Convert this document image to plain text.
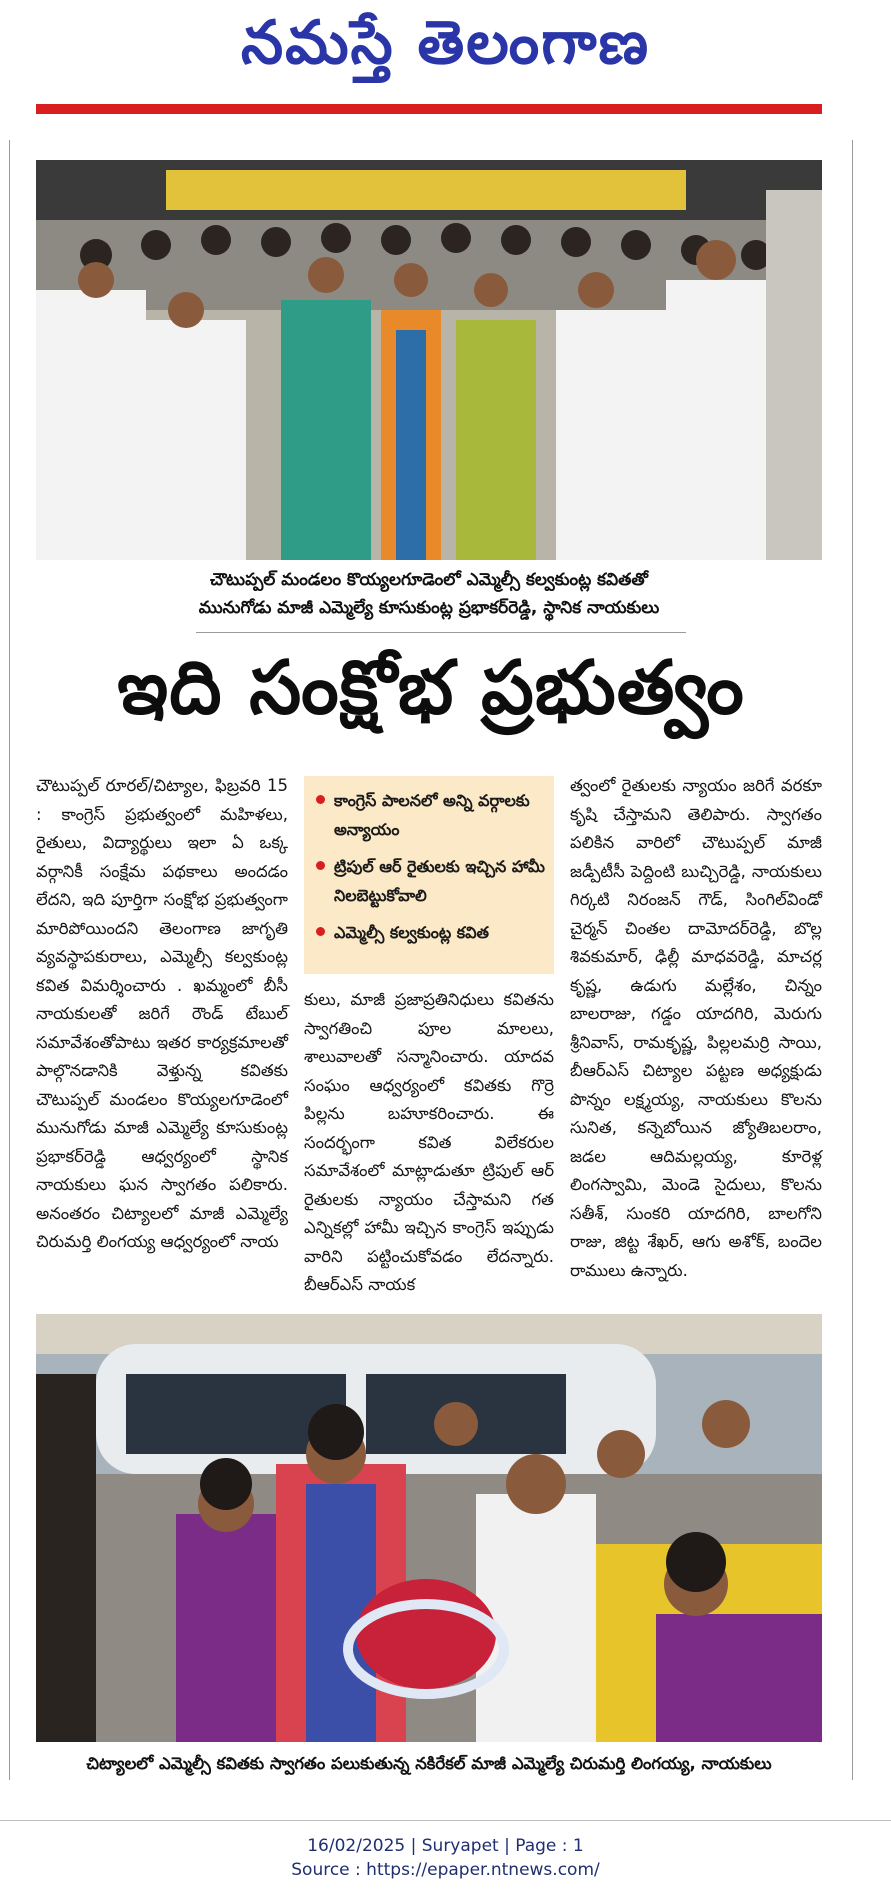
నమస్తే తెలంగాణ
చౌటుప్పల్ మండలం కొయ్యలగూడెంలో ఎమ్మెల్సీ కల్వకుంట్ల కవితతో
మునుగోడు మాజీ ఎమ్మెల్యే కూసుకుంట్ల ప్రభాకర్‌రెడ్డి, స్థానిక నాయకులు
ఇది సంక్షోభ ప్రభుత్వం

చౌటుప్పల్ రూరల్/చిట్యాల, ఫిబ్రవరి 15 : కాంగ్రెస్ ప్రభుత్వంలో మహిళలు, రైతులు, విద్యార్థులు ఇలా ఏ ఒక్క వర్గానికీ సంక్షేమ పథకాలు అందడం లేదని, ఇది పూర్తిగా సంక్షోభ ప్రభుత్వంగా మారిపోయిందని తెలంగాణ జాగృతి వ్యవస్థాపకురాలు, ఎమ్మెల్సీ కల్వకుంట్ల కవిత విమర్శించారు . ఖమ్మంలో బీసీ నాయకులతో జరిగే రౌండ్ టేబుల్ సమావేశంతోపాటు ఇతర కార్యక్రమాలతో పాల్గొనడానికి వెళ్తున్న కవితకు చౌటుప్పల్ మండలం కొయ్యలగూడెంలో మునుగోడు మాజీ ఎమ్మెల్యే కూసుకుంట్ల ప్రభాకర్‌రెడ్డి ఆధ్వర్యంలో స్థానిక నాయకులు ఘన స్వాగతం పలికారు. అనంతరం చిట్యాలలో మాజీ ఎమ్మెల్యే చిరుమర్తి లింగయ్య ఆధ్వర్యంలో నాయ

కాంగ్రెస్ పాలనలో అన్ని వర్గాలకు అన్యాయం
ట్రిపుల్ ఆర్ రైతులకు ఇచ్చిన హామీ నిలబెట్టుకోవాలి
ఎమ్మెల్సీ కల్వకుంట్ల కవిత

కులు, మాజీ ప్రజాప్రతినిధులు కవితను స్వాగతించి పూల మాలలు, శాలువాలతో సన్మానించారు. యాదవ సంఘం ఆధ్వర్యంలో కవితకు గొర్రె పిల్లను బహూకరించారు. ఈ సందర్భంగా కవిత విలేకరుల సమావేశంలో మాట్లాడుతూ ట్రిపుల్ ఆర్ రైతులకు న్యాయం చేస్తామని గత ఎన్నికల్లో హామీ ఇచ్చిన కాంగ్రెస్ ఇప్పుడు వారిని పట్టించుకోవడం లేదన్నారు. బీఆర్ఎస్ నాయక

త్వంలో రైతులకు న్యాయం జరిగే వరకూ కృషి చేస్తామని తెలిపారు. స్వాగతం పలికిన వారిలో చౌటుప్పల్ మాజీ జడ్పీటీసీ పెద్దింటి బుచ్చిరెడ్డి, నాయకులు గిర్కటి నిరంజన్ గౌడ్, సింగిల్‌విండో చైర్మన్ చింతల దామోదర్‌రెడ్డి, బొల్ల శివకుమార్, ఢిల్లీ మాధవరెడ్డి, మాచర్ల కృష్ణ, ఉడుగు మల్లేశం, చిన్నం బాలరాజు, గడ్డం యాదగిరి, మెరుగు శ్రీనివాస్, రామకృష్ణ, పిల్లలమర్రి సాయి, బీఆర్ఎస్ చిట్యాల పట్టణ అధ్యక్షుడు పొన్నం లక్ష్మయ్య, నాయకులు కొలను సునిత, కన్నెబోయిన జ్యోతిబలరాం, జడల ఆదిమల్లయ్య, కూరెళ్ల లింగస్వామి, మెండె సైదులు, కొలను సతీశ్, సుంకరి యాదగిరి, బాలగోని రాజు, జిట్ట శేఖర్, ఆగు అశోక్, బందెల రాములు ఉన్నారు.

చిట్యాలలో ఎమ్మెల్సీ కవితకు స్వాగతం పలుకుతున్న నకిరేకల్ మాజీ ఎమ్మెల్యే చిరుమర్తి లింగయ్య, నాయకులు
16/02/2025 | Suryapet | Page : 1
Source : https://epaper.ntnews.com/
